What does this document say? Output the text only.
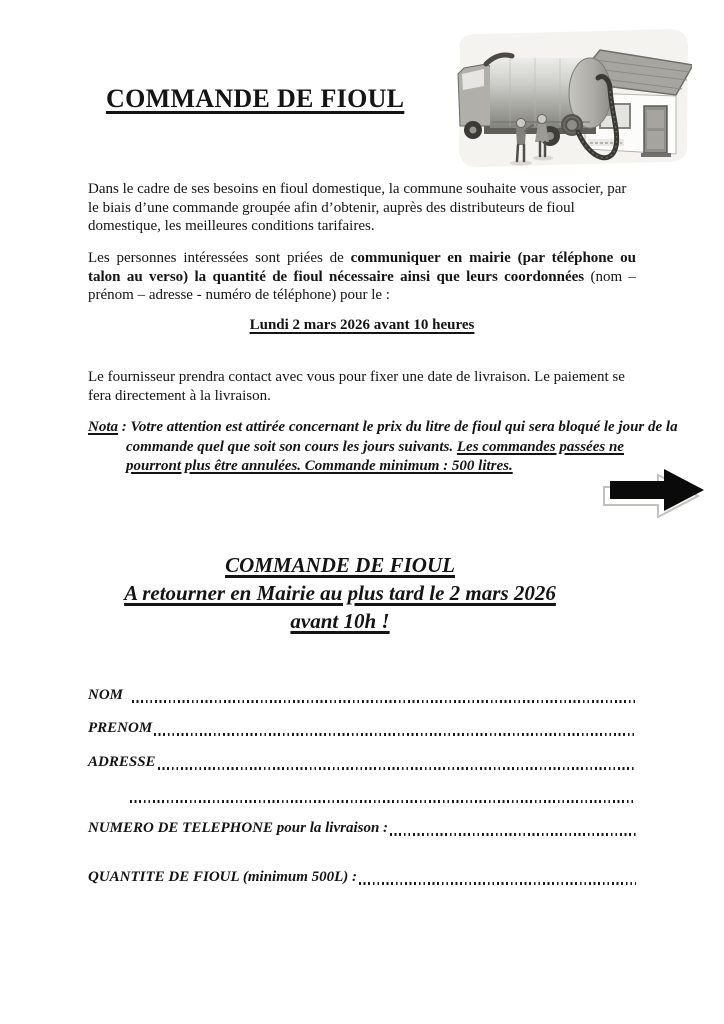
COMMANDE DE FIOUL

Dans le cadre de ses besoins en fioul domestique, la commune souhaite vous associer, par le biais d’une commande groupée afin d’obtenir, auprès des distributeurs de fioul domestique, les meilleures conditions tarifaires.

Les personnes intéressées sont priées de communiquer en mairie (par téléphone ou talon au verso) la quantité de fioul nécessaire ainsi que leurs coordonnées (nom – prénom – adresse - numéro de téléphone) pour le :

Lundi 2 mars 2026 avant 10 heures

Le fournisseur prendra contact avec vous pour fixer une date de livraison. Le paiement se fera directement à la livraison.

Nota : Votre attention est attirée concernant le prix du litre de fioul qui sera bloqué le jour de la commande quel que soit son cours les jours suivants. Les commandes passées ne pourront plus être annulées. Commande minimum : 500 litres.
COMMANDE DE FIOUL
A retourner en Mairie au plus tard le 2 mars 2026
avant 10h !
NOM
PRENOM
ADRESSE
NUMERO DE TELEPHONE pour la livraison :
QUANTITE DE FIOUL (minimum 500L) :
